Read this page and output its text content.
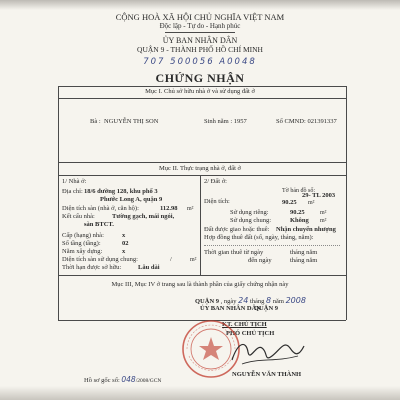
CỘNG HOÀ XÃ HỘI CHỦ NGHĨA VIỆT NAM
Độc lập - Tự do - Hạnh phúc
ỦY BAN NHÂN DÂN
QUẬN 9 - THÀNH PHỐ HỒ CHÍ MINH
707 500056 A0048
CHỨNG NHẬN
Mục I. Chủ sở hữu nhà ở và sử dụng đất ở
Bà : NGUYỄN THỊ SON	Sinh năm : 1957	Số CMND: 021391337
Mục II. Thực trạng nhà ở, đất ở
1/ Nhà ở:
Địa chỉ: 18/6 đường 128, khu phố 3
Phước Long A, quận 9
Diện tích sàn (nhà ở, căn hộ):	112.98 m²
Kết cấu nhà:	Tường gạch, mái ngói,
sàn BTCT.
Cấp (hạng) nhà:	x
Số tầng (tầng):	02
Năm xây dựng:	x
Diện tích sàn sử dụng chung:	/	m²
Thời hạn được sở hữu:	Lâu dài
2/ Đất ở:
Tờ bản đồ số:
29- TL 2003
Diện tích:	90.25 m²
Sử dụng riêng:	90.25	m²
Sử dụng chung:	Không m²
Đất được giao hoặc thuê: Nhận chuyển nhượng
Hợp đồng thuê đất (số, ngày, tháng, năm):
Thời gian thuê từ ngày	tháng năm
đến ngày	tháng năm
Mục III, Mục IV ở trang sau là thành phần của giấy chứng nhận này
QUẬN 9 , ngày 24 tháng 8 năm 2008
ỦY BAN NHÂN DÂN
QUẬN 9
KT. CHỦ TỊCH
PHÓ CHỦ TỊCH
NGUYỄN VĂN THÀNH
Hồ sơ gốc số: 048/2008/GCN
